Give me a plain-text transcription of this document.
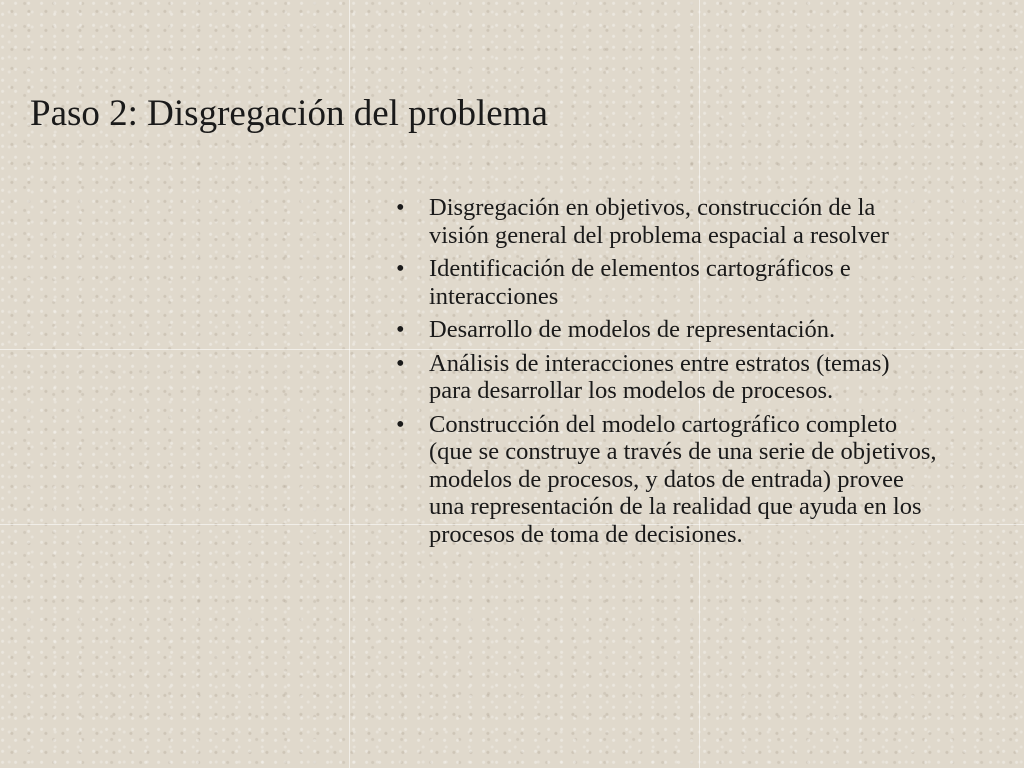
Paso 2: Disgregación del problema
• Disgregación en objetivos, construcción de la visión general del problema espacial a resolver
• Identificación de elementos cartográficos e interacciones
• Desarrollo de modelos de representación.
• Análisis de interacciones entre estratos (temas) para desarrollar los modelos de procesos.
• Construcción del modelo cartográfico completo (que se construye a través de una serie de objetivos, modelos de procesos, y datos de entrada) provee una representación de la realidad que ayuda en los procesos de toma de decisiones.
